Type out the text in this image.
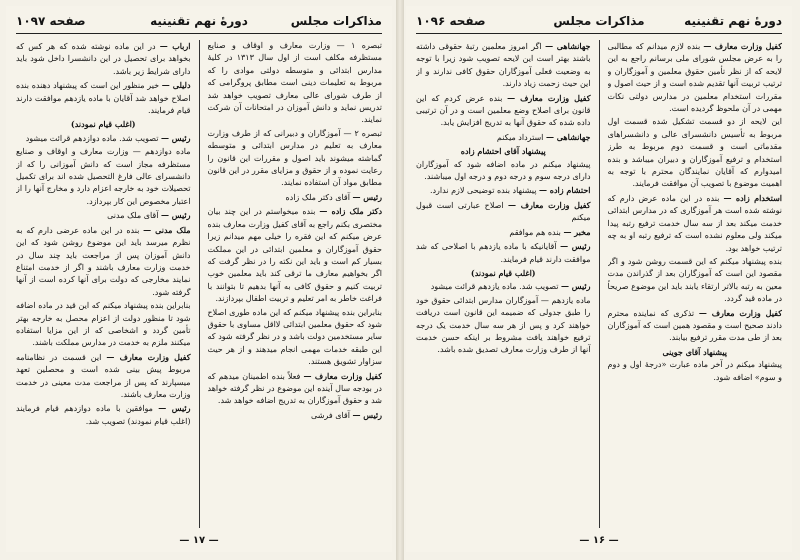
مذاکرات مجلس
دورهٔ نهم تقنینیه
صفحه ۱۰۹۷

تبصره ۱ — وزارت معارف و اوقاف و صنایع مستظرفه مکلف است از اول سال ۱۳۱۳ در کلیهٔ مدارس ابتدائی و متوسطه دولتی موادی را که مربوط به تعلیمات دینی است مطابق پروگرامی که از طرف شورای عالی معارف تصویب خواهد شد تدریس نماید و دانش آموزان در امتحانات آن شرکت نمایند.

تبصره ۲ — آموزگاران و دبیرانی که از طرف وزارت معارف به تعلیم در مدارس ابتدائی و متوسطه گماشته میشوند باید اصول و مقررات این قانون را رعایت نموده و از حقوق و مزایای مقرر در این قانون مطابق مواد آن استفاده نمایند.

رئیس — آقای دکتر ملک زاده

دکتر ملک زاده — بنده میخواستم در این چند بیان مختصری بکنم راجع به آقای کفیل وزارت معارف بنده عرض میکنم که این فقره را خیلی مهم میدانم زیرا حقوق آموزگاران و معلمین ابتدائی در این مملکت بسیار کم است و باید این نکته را در نظر گرفت که اگر بخواهیم معارف ما ترقی کند باید معلمین خوب تربیت کنیم و حقوق کافی به آنها بدهیم تا بتوانند با فراغت خاطر به امر تعلیم و تربیت اطفال بپردازند.

بنابراین بنده پیشنهاد میکنم که این ماده طوری اصلاح شود که حقوق معلمین ابتدائی لااقل مساوی با حقوق سایر مستخدمین دولت باشد و در نظر گرفته شود که این طبقه خدمات مهمی انجام میدهند و از هر حیث سزاوار تشویق هستند.

کفیل وزارت معارف — فعلاً بنده اطمینان میدهم که در بودجه سال آینده این موضوع در نظر گرفته خواهد شد و حقوق آموزگاران به تدریج اضافه خواهد شد.

رئیس — آقای فرشی

ارباب — در این ماده نوشته شده که هر کس که بخواهد برای تحصیل در این دانشسرا داخل شود باید دارای شرایط زیر باشد.

دلیلی — خیر منظور این است که پیشنهاد دهنده بنده اصلاح خواهد شد آقایان با ماده یازدهم موافقت دارند قیام فرمایند.

(اغلب قیام نمودند)

رئیس — تصویب شد. ماده دوازدهم قرائت میشود

ماده دوازدهم — وزارت معارف و اوقاف و صنایع مستظرفه مجاز است که دانش آموزانی را که از دانشسرای عالی فارغ التحصیل شده اند برای تکمیل تحصیلات خود به خارجه اعزام دارد و مخارج آنها را از اعتبار مخصوص این کار بپردازد.

رئیس — آقای ملک مدنی

ملک مدنی — بنده در این ماده عرضی دارم که به نظرم میرسد باید این موضوع روشن شود که این دانش آموزان پس از مراجعت باید چند سال در خدمت وزارت معارف باشند و اگر از خدمت امتناع نمایند مخارجی که دولت برای آنها کرده است از آنها گرفته شود.

بنابراین بنده پیشنهاد میکنم که این قید در ماده اضافه شود تا منظور دولت از اعزام محصل به خارجه بهتر تأمین گردد و اشخاصی که از این مزایا استفاده میکنند ملزم به خدمت در مدارس مملکت باشند.

کفیل وزارت معارف — این قسمت در نظامنامه مربوط پیش بینی شده است و محصلین تعهد میسپارند که پس از مراجعت مدت معینی در خدمت وزارت معارف باشند.

رئیس — موافقین با ماده دوازدهم قیام فرمایند (اغلب قیام نمودند) تصویب شد.

— ۱۷ —
دورهٔ نهم تقنینیه
مذاکرات مجلس
صفحه ۱۰۹۶

کفیل وزارت معارف — بنده لازم میدانم که مطالبی را به عرض مجلس شورای ملی برسانم راجع به این لایحه که از نظر تأمین حقوق معلمین و آموزگاران و ترتیب تربیت آنها تقدیم شده است و از حیث اصول و مقررات استخدام معلمین در مدارس دولتی نکات مهمی در آن ملحوظ گردیده است.

این لایحه از دو قسمت تشکیل شده قسمت اول مربوط به تأسیس دانشسرای عالی و دانشسراهای مقدماتی است و قسمت دوم مربوط به طرز استخدام و ترفیع آموزگاران و دبیران میباشد و بنده امیدوارم که آقایان نمایندگان محترم با توجه به اهمیت موضوع با تصویب آن موافقت فرمایند.

استخدام زاده — بنده در این ماده عرض دارم که نوشته شده است هر آموزگاری که در مدارس ابتدائی خدمت میکند بعد از سه سال خدمت ترفیع رتبه پیدا میکند ولی معلوم نشده است که ترفیع رتبه او به چه ترتیب خواهد بود.

بنده پیشنهاد میکنم که این قسمت روشن شود و اگر مقصود این است که آموزگاران بعد از گذراندن مدت معین به رتبه بالاتر ارتقاء یابند باید این موضوع صریحاً در ماده قید گردد.

کفیل وزارت معارف — تذکری که نماینده محترم دادند صحیح است و مقصود همین است که آموزگاران بعد از طی مدت مقرر ترفیع بیابند.

پیشنهاد آقای جوینی

پیشنهاد میکنم در آخر ماده عبارت «درجهٔ اول و دوم و سوم» اضافه شود.

جهانشاهی — اگر امروز معلمین رتبهٔ حقوقی داشته باشند بهتر است این لایحه تصویب شود زیرا با توجه به وضعیت فعلی آموزگاران حقوق کافی ندارند و از این حیث زحمت زیاد دارند.

کفیل وزارت معارف — بنده عرض کردم که این قانون برای اصلاح وضع معلمین است و در آن ترتیبی داده شده که حقوق آنها به تدریج افزایش یابد.

جهانشاهی — استرداد میکنم

پیشنهاد آقای احتشام زاده

پیشنهاد میکنم در ماده اضافه شود که آموزگاران دارای درجه سوم و درجه دوم و درجه اول میباشند.

احتشام زاده — پیشنهاد بنده توضیحی لازم ندارد.

کفیل وزارت معارف — اصلاح عبارتی است قبول میکنم

مخبر — بنده هم موافقم

رئیس — آقایانیکه با ماده یازدهم با اصلاحی که شد موافقت دارند قیام فرمایند.

(اغلب قیام نمودند)

رئیس — تصویب شد. ماده یازدهم قرائت میشود

ماده یازدهم — آموزگاران مدارس ابتدائی حقوق خود را طبق جدولی که ضمیمه این قانون است دریافت خواهند کرد و پس از هر سه سال خدمت یک درجه ترفیع خواهند یافت مشروط بر اینکه حسن خدمت آنها از طرف وزارت معارف تصدیق شده باشد.

— ۱۶ —
